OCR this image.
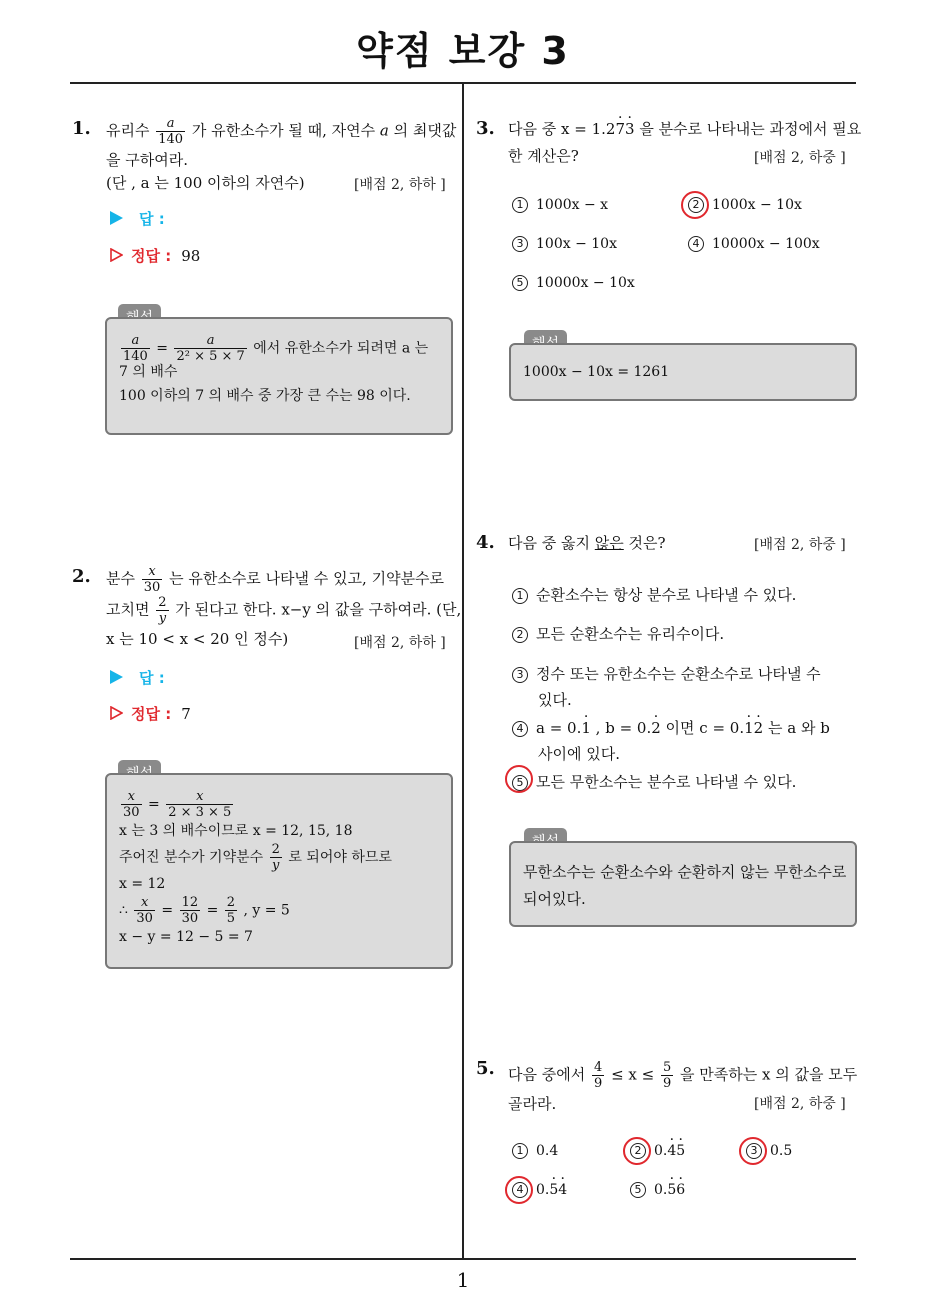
약점 보강 3
1
1. 유리수 $\frac{a}{140}$ 가 유한소수가 될 때, 자연수 a 의 최댓값
을 구하여라.
(단 , a 는 100 이하의 자연수)	[배점 2, 하하 ]
답 :
정답 : 98
$\frac{a}{140} = \frac{a}{\text{2² × 5 × 7}}$ 에서 유한소수가 되려면 a 는
7 의 배수
100 이하의 7 의 배수 중 가장 큰 수는 98 이다.
2. 분수 $\frac{x}{30}$ 는 유한소수로 나타낼 수 있고, 기약분수로
고치면 $\frac{2}{y}$ 가 된다고 한다. x−y 의 값을 구하여라. (단,
x 는 10 < x < 20 인 정수)	[배점 2, 하하 ]
답 :
정답 : 7
$\frac{x}{30} = \frac{x}{2 \times 3 \times 5}$
x 는 3 의 배수이므로 x = 12, 15, 18
주어진 분수가 기약분수 $\frac{2}{y}$ 로 되어야 하므로
x = 12
∴ $\frac{x}{30} = \frac{12}{30} = \frac{2}{5}$ , y = 5
x − y = 12 − 5 = 7
3. 다음 중 x = 1.27 ·3 · 을 분수로 나타내는 과정에서 필요
한 계산은?	[배점 2, 하중 ]
1 1000x − x	2 1000x − 10x
3 100x − 10x	4 10000x − 100x
5 10000x − 10x
1000x − 10x = 1261
4. 다음 중 옳지 않은 것은?	[배점 2, 하중 ]
1 순환소수는 항상 분수로 나타낼 수 있다.
2 모든 순환소수는 유리수이다.
3 정수 또는 유한소수는 순환소수로 나타낼 수
있다.
4 a = 0.1 · , b = 0.2 · 이면 c = 0.1 ·2 · 는 a 와 b
사이에 있다.
5 모든 무한소수는 분수로 나타낼 수 있다.
무한소수는 순환소수와 순환하지 않는 무한소수로
되어있다.
5. 다음 중에서 $\frac{4}{9} \le x \le \frac{5}{9}$ 을 만족하는 x 의 값을 모두
골라라.	[배점 2, 하중 ]
1 0.4	2 0.4 ·5 ·	3 0.5
4 0.5 ·4 ·	5 0.5 ·6 ·
